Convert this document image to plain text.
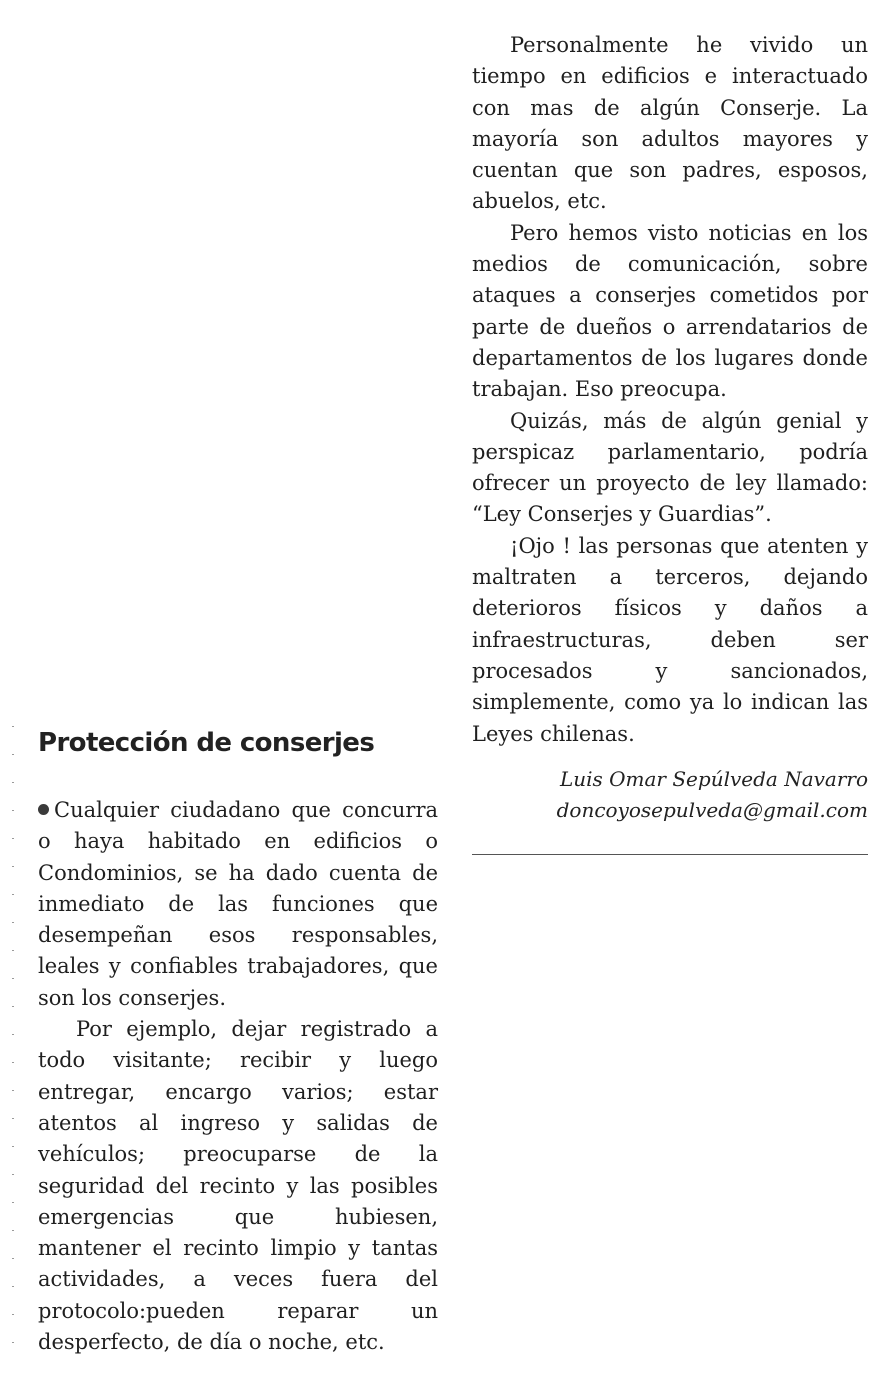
Personalmente he vivido un tiempo en edificios e interactuado con mas de algún Conserje. La mayoría son adultos mayores y cuentan que son padres, esposos, abuelos, etc.

Pero hemos visto noticias en los medios de comunicación, sobre ataques a conserjes cometidos por parte de dueños o arrendatarios de departamentos de los lugares donde trabajan. Eso preocupa.

Quizás, más de algún genial y perspicaz parlamentario, podría ofrecer un proyecto de ley llamado: “Ley Conserjes y Guardias”.

¡Ojo ! las personas que atenten y maltraten a terceros, dejando deterioros físicos y daños a infraestructuras, deben ser procesados y sancionados, simplemente, como ya lo indican las Leyes chilenas.

Luis Omar Sepúlveda Navarro
doncoyosepulveda@gmail.com
Protección de conserjes

Cualquier ciudadano que concurra o haya habitado en edificios o Condominios, se ha dado cuenta de inmediato de las funciones que desempeñan esos responsables, leales y confiables trabajadores, que son los conserjes.

Por ejemplo, dejar registrado a todo visitante; recibir y luego entregar, encargo varios; estar atentos al ingreso y salidas de vehículos; preocuparse de la seguridad del recinto y las posibles emergencias que hubiesen, mantener el recinto limpio y tantas actividades, a veces fuera del protocolo:pueden reparar un desperfecto, de día o noche, etc.
